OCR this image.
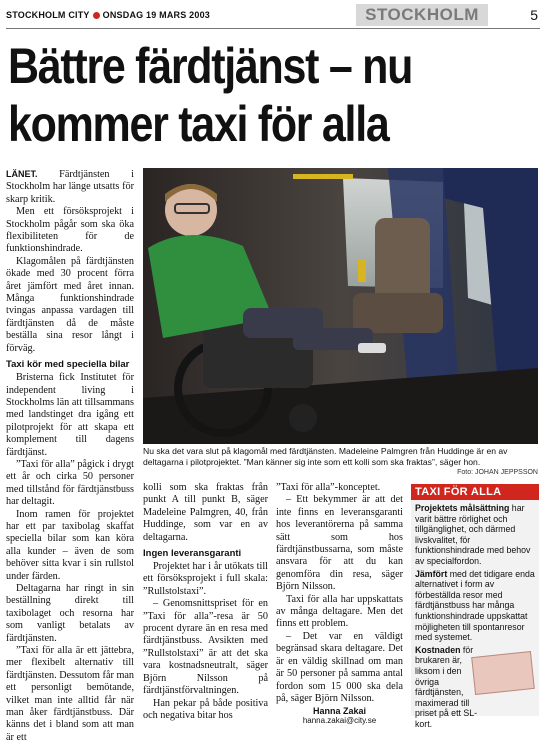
STOCKHOLM CITY ONSDAG 19 MARS 2003	STOCKHOLM	5
Bättre färdtjänst – nu
kommer taxi för alla

LÄNET. Färdtjänsten i Stockholm har länge utsatts för skarp kritik.

Men ett försöksprojekt i Stockholm pågår som ska öka flexibiliteten för de funktionshindrade.

Klagomålen på färdtjänsten ökade med 30 procent förra året jämfört med året innan. Många funktionshindrade tvingas anpassa vardagen till färdtjänsten då de måste beställa sina resor långt i förväg.

Taxi kör med speciella bilar

Bristerna fick Institutet för independent living i Stockholms län att tillsammans med landstinget dra igång ett pilotprojekt för att skapa ett komplement till dagens färdtjänst.

”Taxi för alla” pågick i drygt ett år och cirka 50 personer med tillstånd för färdtjänstbuss har deltagit.

Inom ramen för projektet har ett par taxibolag skaffat speciella bilar som kan köra alla kunder – även de som behöver sitta kvar i sin rullstol under färden.

Deltagarna har ringt in sin beställning direkt till taxibolaget och resorna har som vanligt betalats av färdtjänsten.

”Taxi för alla är ett jättebra, mer flexibelt alternativ till färdtjänsten. Dessutom får man ett personligt bemötande, vilket man inte alltid får när man åker färdtjänstbuss. Där känns det i bland som att man är ett

Nu ska det vara slut på klagomål med färdtjänsten. Madeleine Palmgren från Huddinge är en av deltagarna i pilotprojektet. ”Man känner sig inte som ett kolli som ska fraktas”, säger hon.
Foto: JOHAN JEPPSSON

kolli som ska fraktas från punkt A till punkt B, säger Madeleine Palmgren, 40, från Huddinge, som var en av deltagarna.

Ingen leveransgaranti

Projektet har i år utökats till ett försöksprojekt i full skala: ”Rullstolstaxi”.

– Genomsnittspriset för en ”Taxi för alla”-resa är 50 procent dyrare än en resa med färdtjänstbuss. Avsikten med ”Rullstolstaxi” är att det ska vara kostnadsneutralt, säger Björn Nilsson på färdtjänstförvaltningen.

Han pekar på både positiva och negativa bitar hos

”Taxi för alla”-konceptet.

– Ett bekymmer är att det inte finns en leveransgaranti hos leverantörerna på samma sätt som hos färdtjänstbussarna, som måste ansvara för att du kan genomföra din resa, säger Björn Nilsson.

Taxi för alla har uppskattats av många deltagare. Men det finns ett problem.

– Det var en väldigt begränsad skara deltagare. Det är en väldig skillnad om man är 50 personer på samma antal fordon som 15 000 ska dela på, säger Björn Nilsson.

Hanna Zakai
hanna.zakai@city.se
TAXI FÖR ALLA

Projektets målsättning har varit bättre rörlighet och tillgänglighet, och därmed livskvalitet, för funktionshindrade med behov av specialfordon.

Jämfört med det tidigare enda alternativet i form av förbeställda resor med färdtjänstbuss har många funktionshindrade uppskattat möjligheten till spontanresor med systemet.

Kostnaden för brukaren är, liksom i den övriga färdtjänsten, maximerad till priset på ett SL-kort.
